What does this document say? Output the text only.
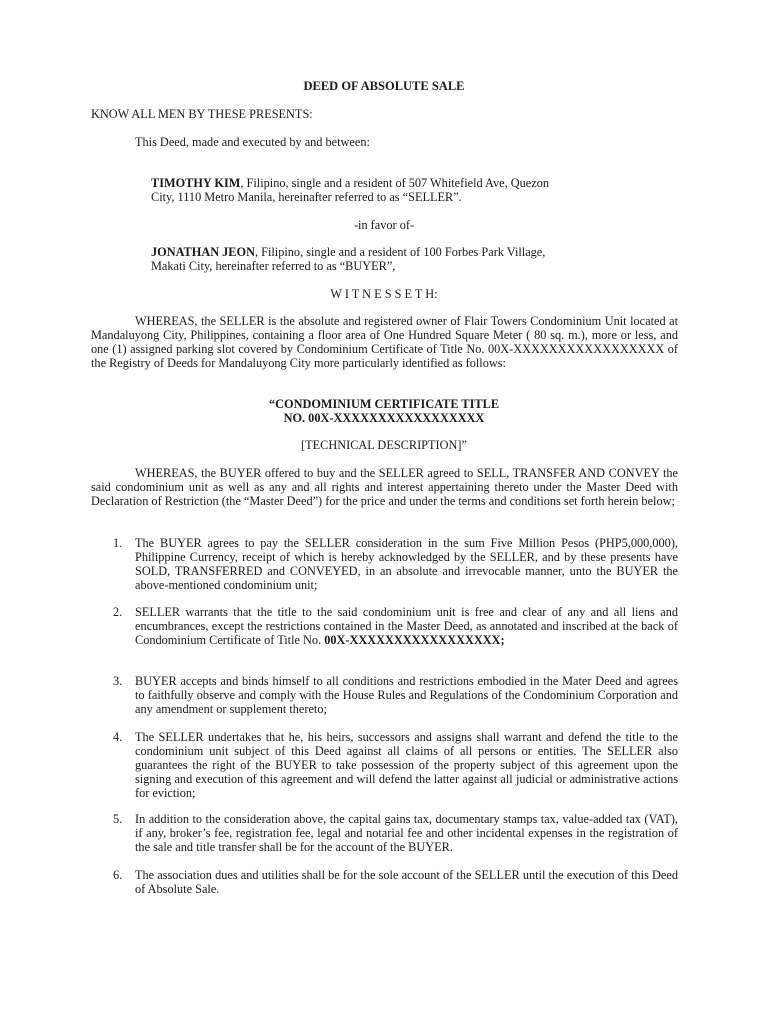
DEED OF ABSOLUTE SALE
KNOW ALL MEN BY THESE PRESENTS:
This Deed, made and executed by and between:
TIMOTHY KIM, Filipino, single and a resident of 507 Whitefield Ave, Quezon
City, 1110 Metro Manila, hereinafter referred to as “SELLER”.
-in favor of-
JONATHAN JEON, Filipino, single and a resident of 100 Forbes Park Village,
Makati City, hereinafter referred to as “BUYER”,
W I T N E S S E T H:
WHEREAS, the SELLER is the absolute and registered owner of Flair Towers Condominium Unit located at Mandaluyong City, Philippines, containing a floor area of One Hundred Square Meter ( 80 sq. m.), more or less, and one (1) assigned parking slot covered by Condominium Certificate of Title No. 00X-XXXXXXXXXXXXXXXXX of the Registry of Deeds for Mandaluyong City more particularly identified as follows:
“CONDOMINIUM CERTIFICATE TITLE
NO. 00X-XXXXXXXXXXXXXXXXX
[TECHNICAL DESCRIPTION]”
WHEREAS, the BUYER offered to buy and the SELLER agreed to SELL, TRANSFER AND CONVEY the said condominium unit as well as any and all rights and interest appertaining thereto under the Master Deed with Declaration of Restriction (the “Master Deed”) for the price and under the terms and conditions set forth herein below;
1.	The BUYER agrees to pay the SELLER consideration in the sum Five Million Pesos (PHP5,000,000), Philippine Currency, receipt of which is hereby acknowledged by the SELLER, and by these presents have SOLD, TRANSFERRED and CONVEYED, in an absolute and irrevocable manner, unto the BUYER the above-mentioned condominium unit;
2.	SELLER warrants that the title to the said condominium unit is free and clear of any and all liens and encumbrances, except the restrictions contained in the Master Deed, as annotated and inscribed at the back of Condominium Certificate of Title No. 00X-XXXXXXXXXXXXXXXXX;
3.	BUYER accepts and binds himself to all conditions and restrictions embodied in the Mater Deed and agrees to faithfully observe and comply with the House Rules and Regulations of the Condominium Corporation and any amendment or supplement thereto;
4.	The SELLER undertakes that he, his heirs, successors and assigns shall warrant and defend the title to the condominium unit subject of this Deed against all claims of all persons or entities. The SELLER also guarantees the right of the BUYER to take possession of the property subject of this agreement upon the signing and execution of this agreement and will defend the latter against all judicial or administrative actions for eviction;
5.	In addition to the consideration above, the capital gains tax, documentary stamps tax, value-added tax (VAT), if any, broker’s fee, registration fee, legal and notarial fee and other incidental expenses in the registration of the sale and title transfer shall be for the account of the BUYER.
6.	The association dues and utilities shall be for the sole account of the SELLER until the execution of this Deed of Absolute Sale.
